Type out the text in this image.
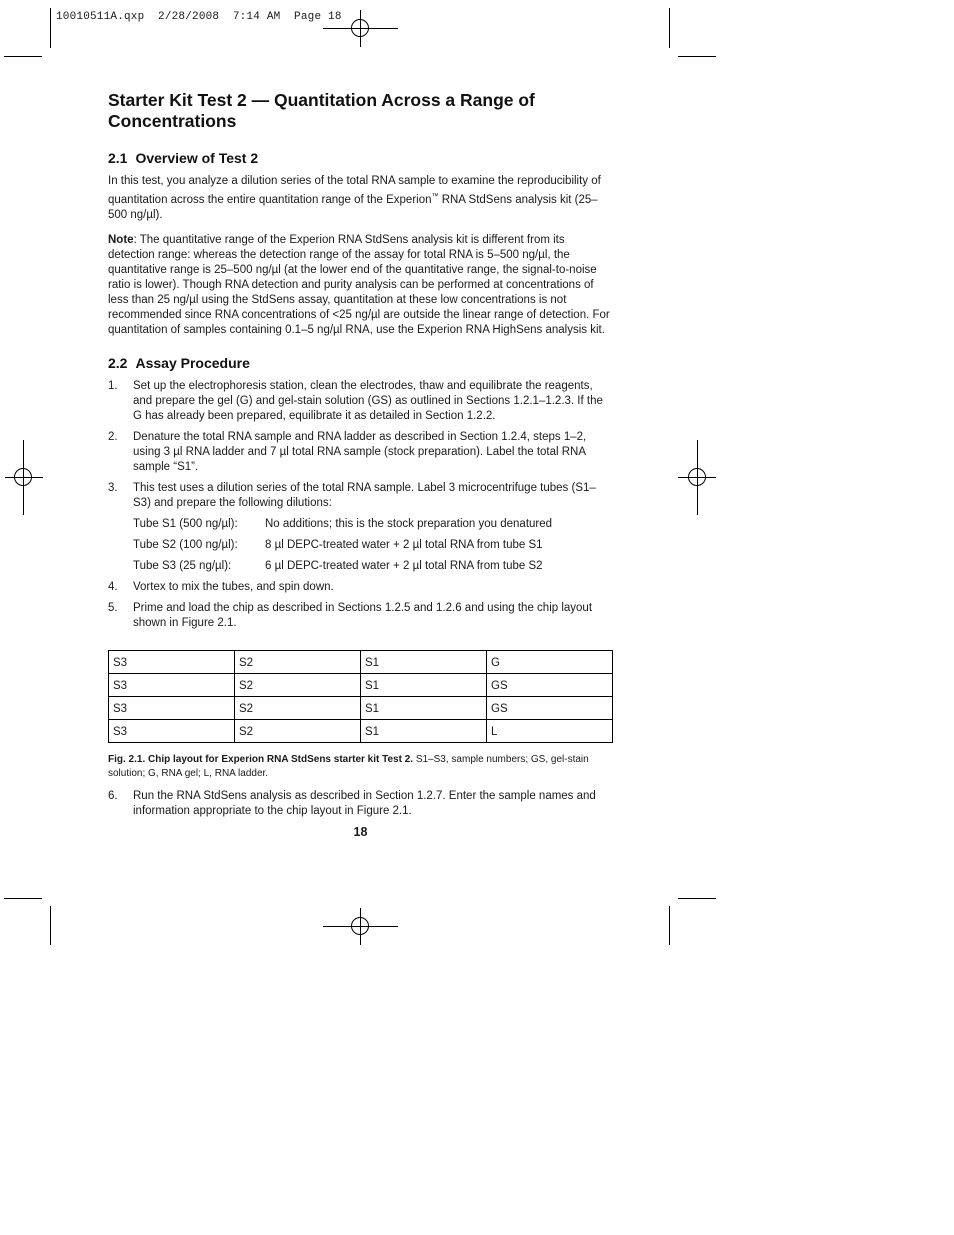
10010511A.qxp  2/28/2008  7:14 AM  Page 18
Starter Kit Test 2 — Quantitation Across a Range of Concentrations
2.1 Overview of Test 2

In this test, you analyze a dilution series of the total RNA sample to examine the reproducibility of quantitation across the entire quantitation range of the Experion™ RNA StdSens analysis kit (25–500 ng/µl).

Note: The quantitative range of the Experion RNA StdSens analysis kit is different from its detection range: whereas the detection range of the assay for total RNA is 5–500 ng/µl, the quantitative range is 25–500 ng/µl (at the lower end of the quantitative range, the signal-to-noise ratio is lower). Though RNA detection and purity analysis can be performed at concentrations of less than 25 ng/µl using the StdSens assay, quantitation at these low concentrations is not recommended since RNA concentrations of <25 ng/µl are outside the linear range of detection. For quantitation of samples containing 0.1–5 ng/µl RNA, use the Experion RNA HighSens analysis kit.

2.2 Assay Procedure
1. Set up the electrophoresis station, clean the electrodes, thaw and equilibrate the reagents, and prepare the gel (G) and gel-stain solution (GS) as outlined in Sections 1.2.1–1.2.3. If the G has already been prepared, equilibrate it as detailed in Section 1.2.2.
2. Denature the total RNA sample and RNA ladder as described in Section 1.2.4, steps 1–2, using 3 µl RNA ladder and 7 µl total RNA sample (stock preparation). Label the total RNA sample “S1”.
3. This test uses a dilution series of the total RNA sample. Label 3 microcentrifuge tubes (S1–S3) and prepare the following dilutions:
Tube S1 (500 ng/µl):	No additions; this is the stock preparation you denatured
Tube S2 (100 ng/µl):	8 µl DEPC-treated water + 2 µl total RNA from tube S1
Tube S3 (25 ng/µl):	6 µl DEPC-treated water + 2 µl total RNA from tube S2
4. Vortex to mix the tubes, and spin down.
5. Prime and load the chip as described in Sections 1.2.5 and 1.2.6 and using the chip layout shown in Figure 2.1.
S3	S2	S1	G
S3	S2	S1	GS
S3	S2	S1	GS
S3	S2	S1	L

Fig. 2.1. Chip layout for Experion RNA StdSens starter kit Test 2. S1–S3, sample numbers; GS, gel-stain solution; G, RNA gel; L, RNA ladder.

6. Run the RNA StdSens analysis as described in Section 1.2.7. Enter the sample names and information appropriate to the chip layout in Figure 2.1.
18
